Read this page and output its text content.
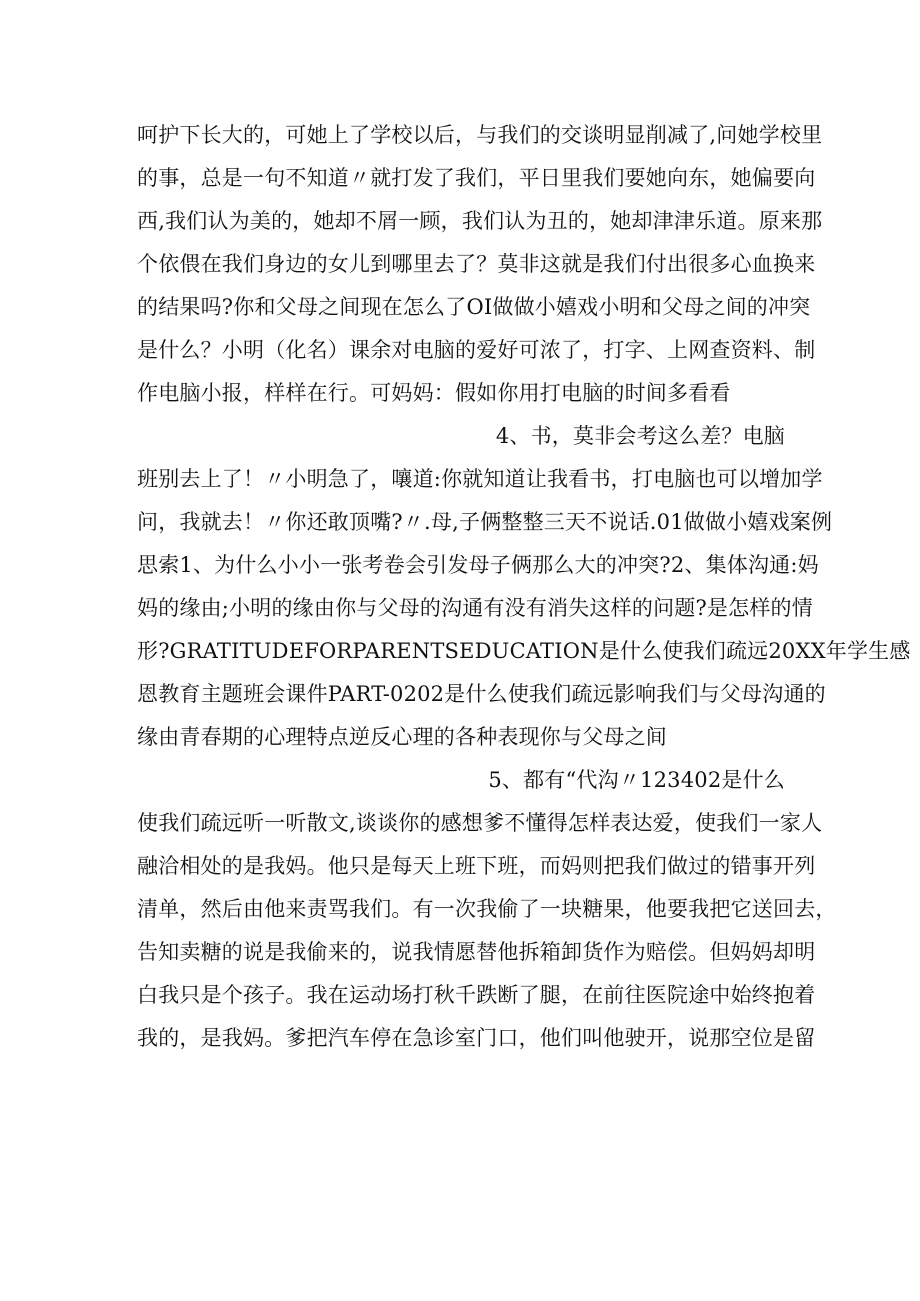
呵护下长大的，可她上了学校以后，与我们的交谈明显削减了,问她学校里
的事，总是一句不知道〃就打发了我们，平日里我们要她向东，她偏要向
西,我们认为美的，她却不屑一顾，我们认为丑的，她却津津乐道。原来那
个依偎在我们身边的女儿到哪里去了？莫非这就是我们付出很多心血换来
的结果吗?你和父母之间现在怎么了OI做做小嬉戏小明和父母之间的冲突
是什么？小明（化名）课余对电脑的爱好可浓了，打字、上网查资料、制
作电脑小报，样样在行。可妈妈：假如你用打电脑的时间多看看
4、书，莫非会考这么差？电脑
班别去上了！〃小明急了，嚷道:你就知道让我看书，打电脑也可以增加学
问，我就去！〃你还敢顶嘴?〃.母,子俩整整三天不说话.01做做小嬉戏案例
思索1、为什么小小一张考卷会引发母子俩那么大的冲突?2、集体沟通:妈
妈的缘由;小明的缘由你与父母的沟通有没有消失这样的问题?是怎样的情
形?GRATITUDEFORPARENTSEDUCATION是什么使我们疏远20XX年学生感
恩教育主题班会课件PART-0202是什么使我们疏远影响我们与父母沟通的
缘由青春期的心理特点逆反心理的各种表现你与父母之间
5、都有“代沟〃123402是什么
使我们疏远听一听散文,谈谈你的感想爹不懂得怎样表达爱，使我们一家人
融洽相处的是我妈。他只是每天上班下班，而妈则把我们做过的错事开列
清单，然后由他来责骂我们。有一次我偷了一块糖果，他要我把它送回去，
告知卖糖的说是我偷来的，说我情愿替他拆箱卸货作为赔偿。但妈妈却明
白我只是个孩子。我在运动场打秋千跌断了腿，在前往医院途中始终抱着
我的，是我妈。爹把汽车停在急诊室门口，他们叫他驶开，说那空位是留
